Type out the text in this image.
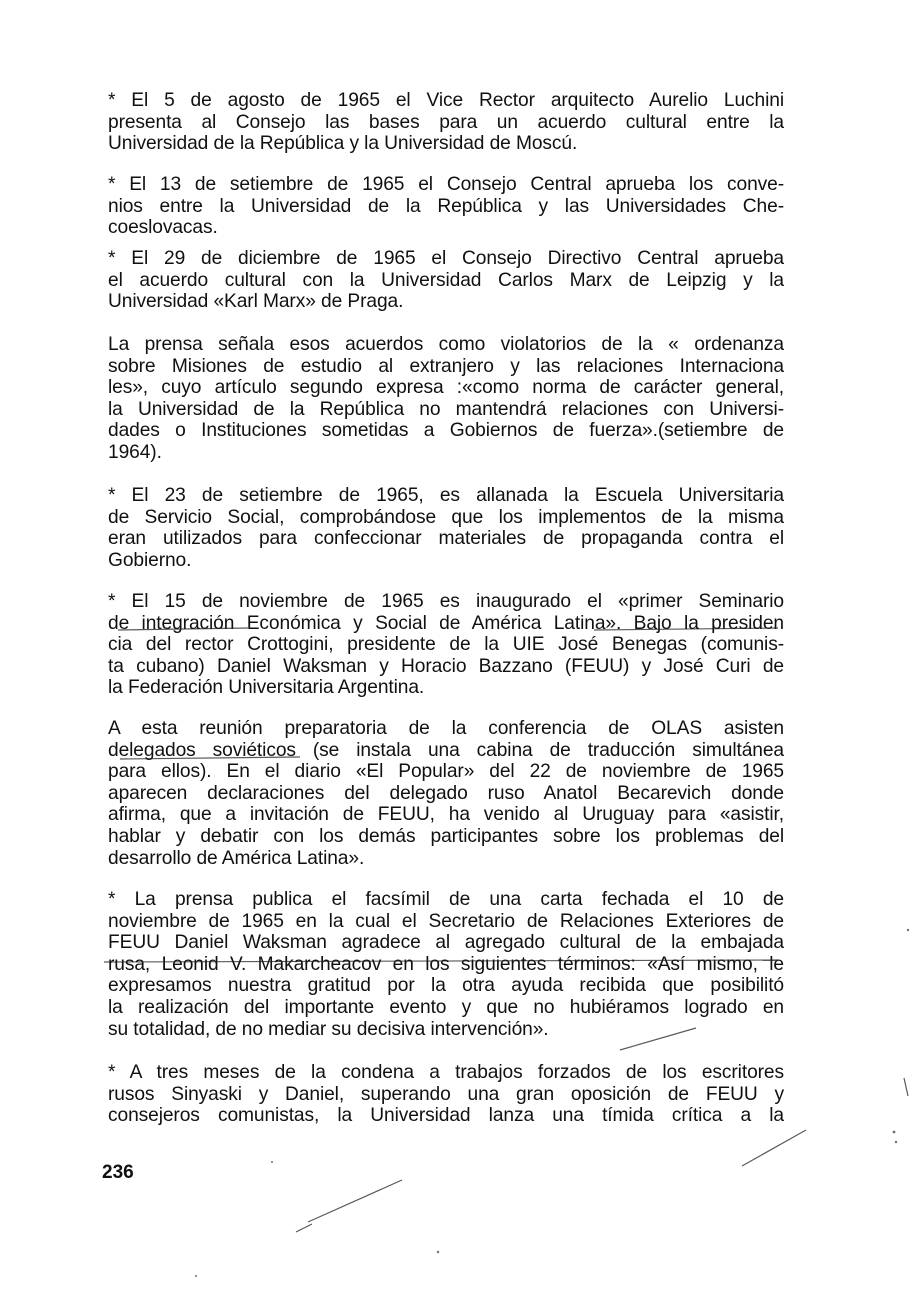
* El 5 de agosto de 1965 el Vice Rector arquitecto Aurelio Luchini
presenta al Consejo las bases para un acuerdo cultural entre la
Universidad de la República y la Universidad de Moscú.
* El 13 de setiembre de 1965 el Consejo Central aprueba los conve-
nios entre la Universidad de la República y las Universidades Che-
coeslovacas.
* El 29 de diciembre de 1965 el Consejo Directivo Central aprueba
el acuerdo cultural con la Universidad Carlos Marx de Leipzig y la
Universidad «Karl Marx» de Praga.
La prensa señala esos acuerdos como violatorios de la « ordenanza
sobre Misiones de estudio al extranjero y las relaciones Internaciona
les», cuyo artículo segundo expresa :«como norma de carácter general,
la Universidad de la República no mantendrá relaciones con Universi-
dades o Instituciones sometidas a Gobiernos de fuerza».(setiembre de
1964).
* El 23 de setiembre de 1965, es allanada la Escuela Universitaria
de Servicio Social, comprobándose que los implementos de la misma
eran utilizados para confeccionar materiales de propaganda contra el
Gobierno.
* El 15 de noviembre de 1965 es inaugurado el «primer Seminario
de integración Económica y Social de América Latina». Bajo la presiden
cia del rector Crottogini, presidente de la UIE José Benegas (comunis-
ta cubano) Daniel Waksman y Horacio Bazzano (FEUU) y José Curi de
la Federación Universitaria Argentina.
A esta reunión preparatoria de la conferencia de OLAS asisten
delegados soviéticos (se instala una cabina de traducción simultánea
para ellos). En el diario «El Popular» del 22 de noviembre de 1965
aparecen declaraciones del delegado ruso Anatol Becarevich donde
afirma, que a invitación de FEUU, ha venido al Uruguay para «asistir,
hablar y debatir con los demás participantes sobre los problemas del
desarrollo de América Latina».
* La prensa publica el facsímil de una carta fechada el 10 de
noviembre de 1965 en la cual el Secretario de Relaciones Exteriores de
FEUU Daniel Waksman agradece al agregado cultural de la embajada
rusa, Leonid V. Makarcheacov en los siguientes términos: «Así mismo, le
expresamos nuestra gratitud por la otra ayuda recibida que posibilitó
la realización del importante evento y que no hubiéramos logrado en
su totalidad, de no mediar su decisiva intervención».
* A tres meses de la condena a trabajos forzados de los escritores
rusos Sinyaski y Daniel, superando una gran oposición de FEUU y
consejeros comunistas, la Universidad lanza una tímida crítica a la
236
